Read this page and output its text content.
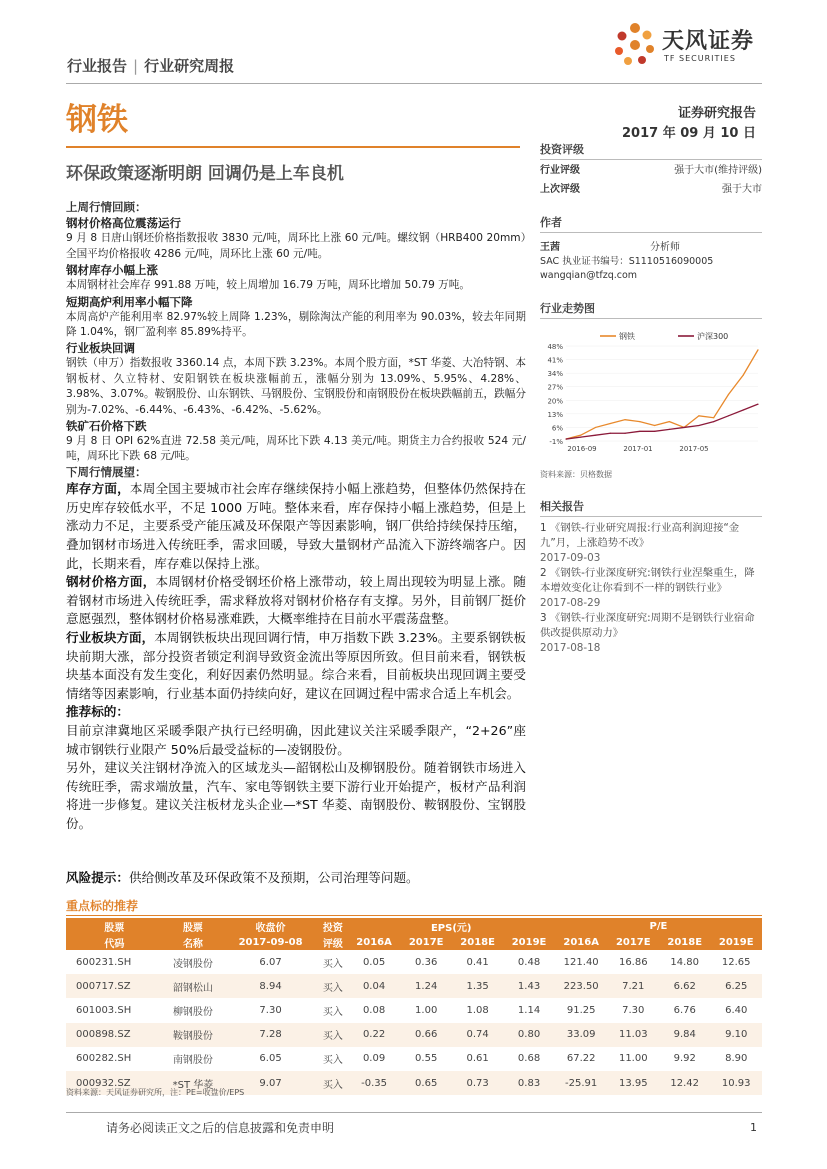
天风证券
TF SECURITIES
行业报告 | 行业研究周报
钢铁	证券研究报告
2017 年 09 月 10 日
环保政策逐渐明朗 回调仍是上车良机

上周行情回顾：

钢材价格高位震荡运行

9 月 8 日唐山钢坯价格指数报收 3830 元/吨，周环比上涨 60 元/吨。螺纹钢（HRB400 20mm）全国平均价格报收 4286 元/吨，周环比上涨 60 元/吨。

钢材库存小幅上涨

本周钢材社会库存 991.88 万吨，较上周增加 16.79 万吨，周环比增加 50.79 万吨。

短期高炉利用率小幅下降

本周高炉产能利用率 82.97%较上周降 1.23%，剔除淘汰产能的利用率为 90.03%，较去年同期降 1.04%，钢厂盈利率 85.89%持平。

行业板块回调

钢铁（申万）指数报收 3360.14 点，本周下跌 3.23%。本周个股方面，*ST 华菱、大冶特钢、本钢板材、久立特材、安阳钢铁在板块涨幅前五，涨幅分别为 13.09%、5.95%、4.28%、3.98%、3.07%。鞍钢股份、山东钢铁、马钢股份、宝钢股份和南钢股份在板块跌幅前五，跌幅分别为-7.02%、-6.44%、-6.43%、-6.42%、-5.62%。

铁矿石价格下跌

9 月 8 日 OPI 62%直进 72.58 美元/吨，周环比下跌 4.13 美元/吨。期货主力合约报收 524 元/吨，周环比下跌 68 元/吨。

下周行情展望：

库存方面，本周全国主要城市社会库存继续保持小幅上涨趋势，但整体仍然保持在历史库存较低水平，不足 1000 万吨。整体来看，库存保持小幅上涨趋势，但是上涨动力不足，主要系受产能压减及环保限产等因素影响，钢厂供给持续保持压缩，叠加钢材市场进入传统旺季，需求回暖，导致大量钢材产品流入下游终端客户。因此，长期来看，库存难以保持上涨。

钢材价格方面，本周钢材价格受钢坯价格上涨带动，较上周出现较为明显上涨。随着钢材市场进入传统旺季，需求释放将对钢材价格存有支撑。另外，目前钢厂挺价意愿强烈，整体钢材价格易涨难跌，大概率维持在目前水平震荡盘整。

行业板块方面，本周钢铁板块出现回调行情，申万指数下跌 3.23%。主要系钢铁板块前期大涨，部分投资者锁定利润导致资金流出等原因所致。但目前来看，钢铁板块基本面没有发生变化，利好因素仍然明显。综合来看，目前板块出现回调主要受情绪等因素影响，行业基本面仍持续向好，建议在回调过程中需求合适上车机会。

推荐标的：

目前京津冀地区采暖季限产执行已经明确，因此建议关注采暖季限产，“2+26”座城市钢铁行业限产 50%后最受益标的—凌钢股份。

另外，建议关注钢材净流入的区域龙头—韶钢松山及柳钢股份。随着钢铁市场进入传统旺季，需求端放量，汽车、家电等钢铁主要下游行业开始提产，板材产品利润将进一步修复。建议关注板材龙头企业—*ST 华菱、南钢股份、鞍钢股份、宝钢股份。

风险提示：供给侧改革及环保政策不及预期，公司治理等问题。
投资评级
行业评级	强于大市(维持评级)
上次评级	强于大市
作者
王茜	分析师
SAC 执业证书编号：S1110516090005
wangqian@tfzq.com
行业走势图
-1%
6%
13%
20%
27%
34%
41%
48%
2016-09	2017-01	2017-05
钢铁	沪深300
资料来源：贝格数据
相关报告
1 《钢铁-行业研究周报:行业高利润迎接“金九”月，上涨趋势不改》
2017-09-03
2 《钢铁-行业深度研究:钢铁行业涅槃重生，降本增效变化让你看到不一样的钢铁行业》
2017-08-29
3 《钢铁-行业深度研究:周期不是钢铁行业宿命 供改提供原动力》
2017-08-18
重点标的推荐
股票	股票	收盘价	投资	EPS(元)				P/E			
代码	名称	2017-09-08	评级	2016A	2017E	2018E	2019E	2016A	2017E	2018E	2019E
600231.SH	凌钢股份	6.07	买入	0.05	0.36	0.41	0.48	121.40	16.86	14.80	12.65
000717.SZ	韶钢松山	8.94	买入	0.04	1.24	1.35	1.43	223.50	7.21	6.62	6.25
601003.SH	柳钢股份	7.30	买入	0.08	1.00	1.08	1.14	91.25	7.30	6.76	6.40
000898.SZ	鞍钢股份	7.28	买入	0.22	0.66	0.74	0.80	33.09	11.03	9.84	9.10
600282.SH	南钢股份	6.05	买入	0.09	0.55	0.61	0.68	67.22	11.00	9.92	8.90
000932.SZ	*ST 华菱	9.07	买入	-0.35	0.65	0.73	0.83	-25.91	13.95	12.42	10.93
资料来源：天风证券研究所，注：PE=收盘价/EPS
请务必阅读正文之后的信息披露和免责申明	1
